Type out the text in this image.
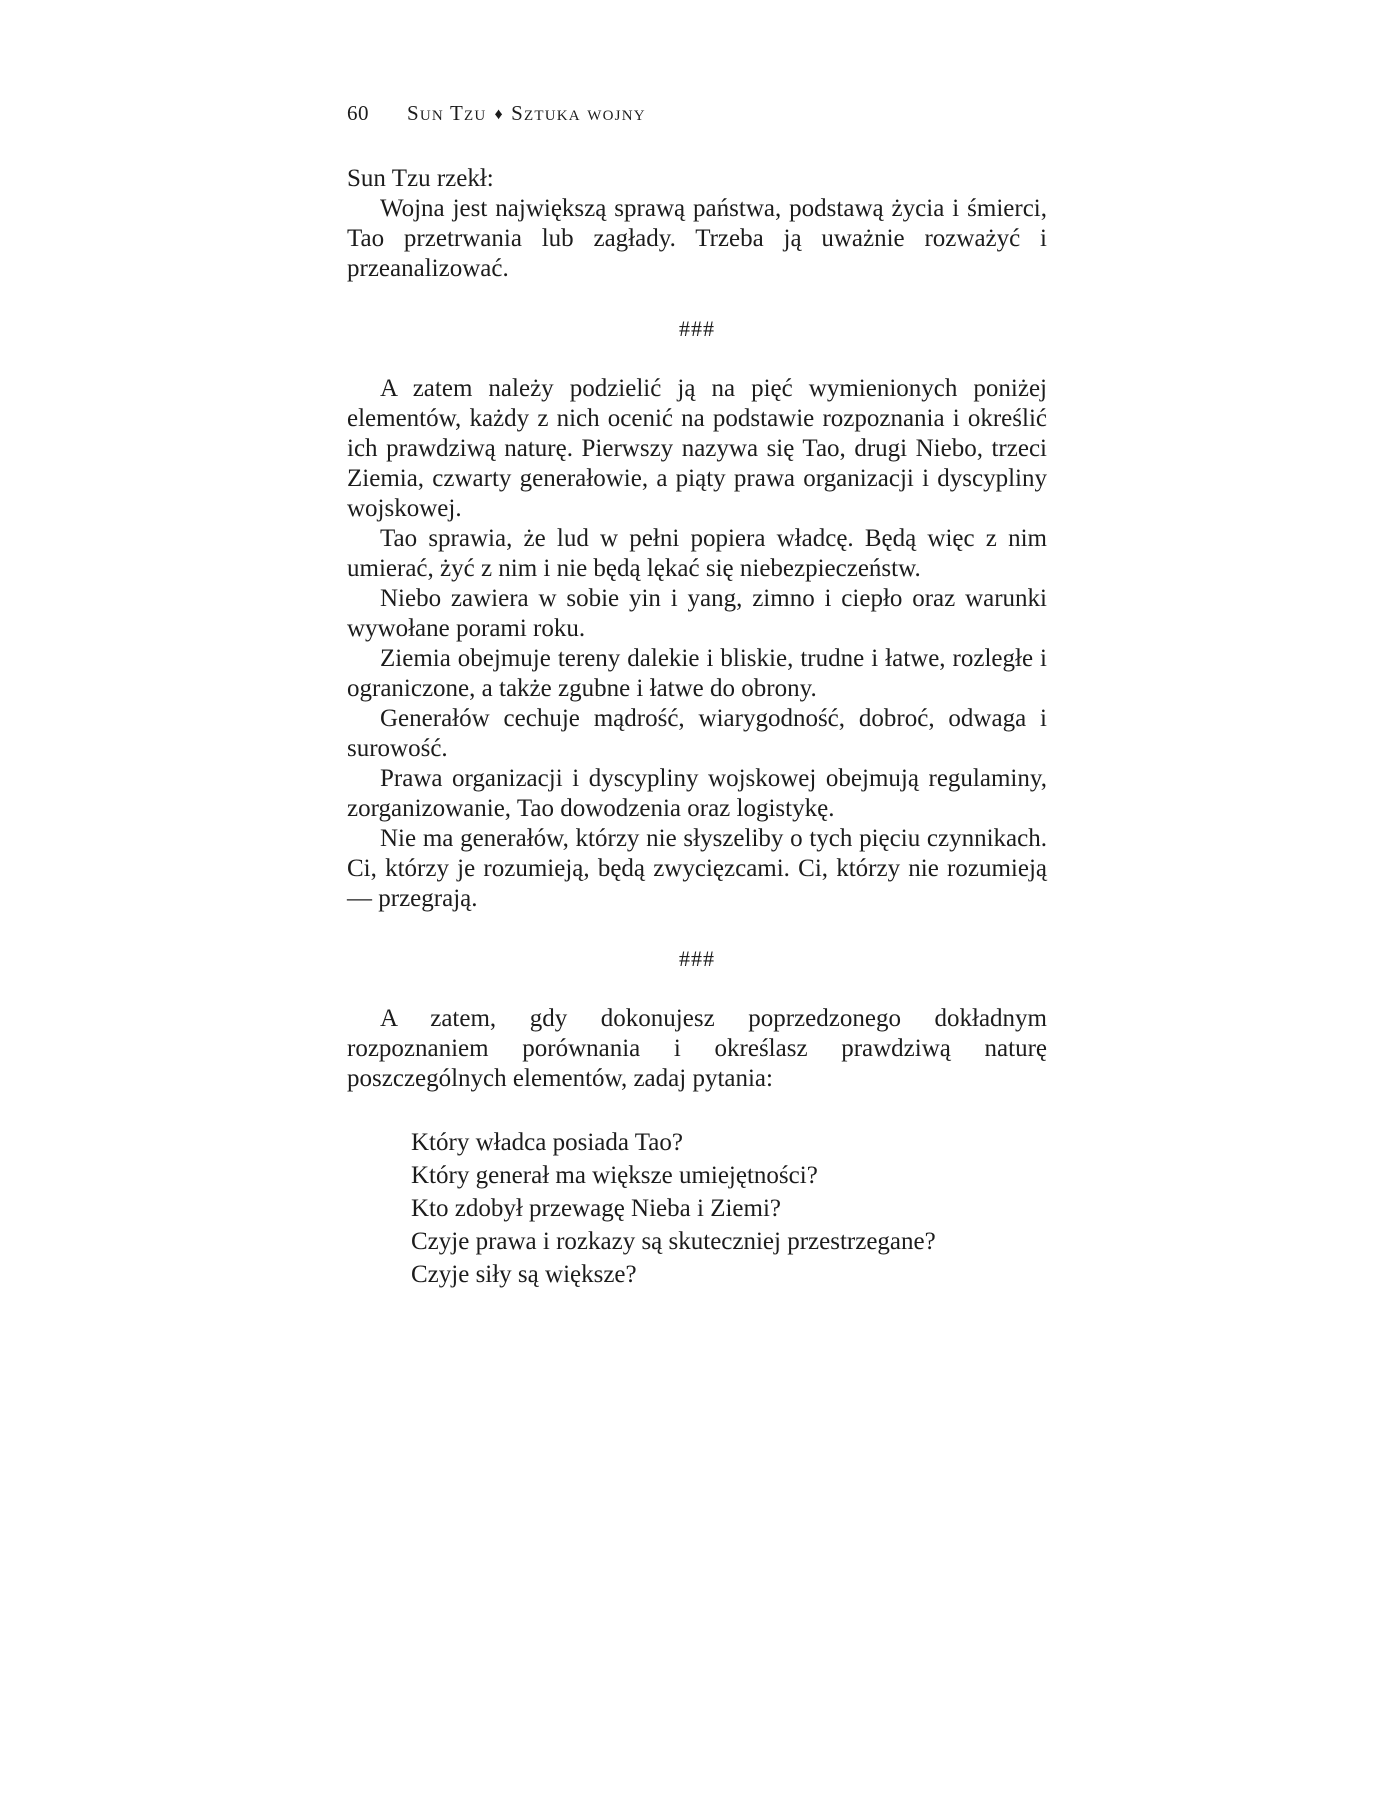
60 Sun Tzu ♦ Sztuka wojny

Sun Tzu rzekł:

Wojna jest największą sprawą państwa, podstawą życia i śmierci, Tao przetrwania lub zagłady. Trzeba ją uważnie rozważyć i przeanalizować.

###

A zatem należy podzielić ją na pięć wymienionych poniżej elementów, każdy z nich ocenić na podstawie rozpoznania i określić ich prawdziwą naturę. Pierwszy nazywa się Tao, drugi Niebo, trzeci Ziemia, czwarty generałowie, a piąty prawa organizacji i dyscypliny wojskowej.

Tao sprawia, że lud w pełni popiera władcę. Będą więc z nim umierać, żyć z nim i nie będą lękać się niebezpieczeństw.

Niebo zawiera w sobie yin i yang, zimno i ciepło oraz warunki wywołane porami roku.

Ziemia obejmuje tereny dalekie i bliskie, trudne i łatwe, rozległe i ograniczone, a także zgubne i łatwe do obrony.

Generałów cechuje mądrość, wiarygodność, dobroć, odwaga i surowość.

Prawa organizacji i dyscypliny wojskowej obejmują regulaminy, zorganizowanie, Tao dowodzenia oraz logistykę.

Nie ma generałów, którzy nie słyszeliby o tych pięciu czynnikach. Ci, którzy je rozumieją, będą zwycięzcami. Ci, którzy nie rozumieją — przegrają.

###

A zatem, gdy dokonujesz poprzedzonego dokładnym rozpoznaniem porównania i określasz prawdziwą naturę poszczególnych elementów, zadaj pytania:

Który władca posiada Tao?
Który generał ma większe umiejętności?
Kto zdobył przewagę Nieba i Ziemi?
Czyje prawa i rozkazy są skuteczniej przestrzegane?
Czyje siły są większe?
